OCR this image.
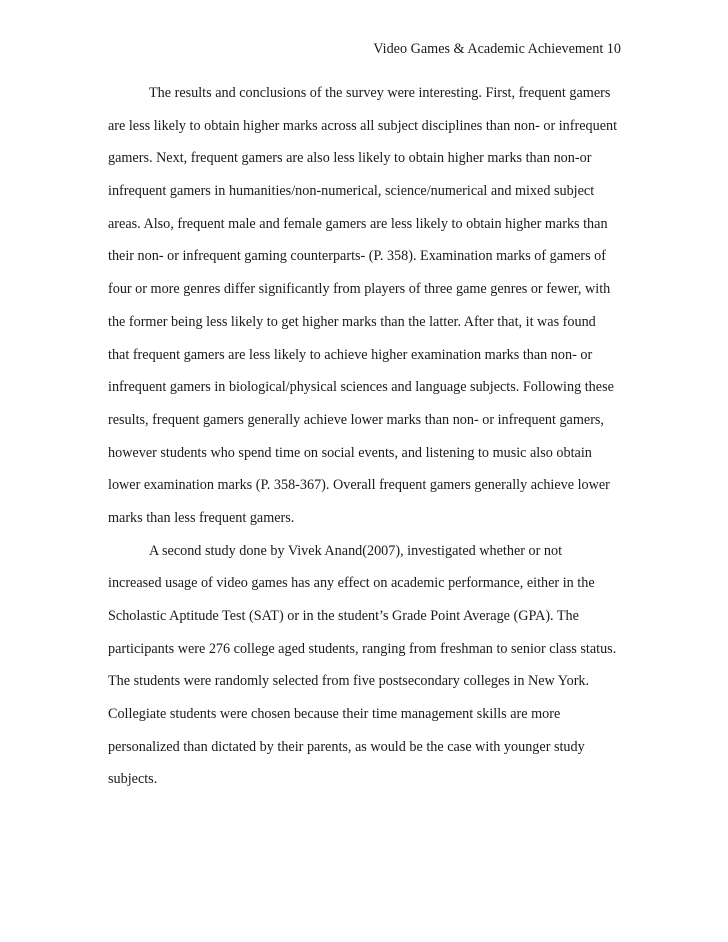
Video Games & Academic Achievement 10
The results and conclusions of the survey were interesting. First, frequent gamers
are less likely to obtain higher marks across all subject disciplines than non- or infrequent
gamers. Next, frequent gamers are also less likely to obtain higher marks than non-or
infrequent gamers in humanities/non-numerical, science/numerical and mixed subject
areas. Also, frequent male and female gamers are less likely to obtain higher marks than
their non- or infrequent gaming counterparts- (P. 358). Examination marks of gamers of
four or more genres differ significantly from players of three game genres or fewer, with
the former being less likely to get higher marks than the latter. After that, it was found
that frequent gamers are less likely to achieve higher examination marks than non- or
infrequent gamers in biological/physical sciences and language subjects. Following these
results, frequent gamers generally achieve lower marks than non- or infrequent gamers,
however students who spend time on social events, and listening to music also obtain
lower examination marks (P. 358-367). Overall frequent gamers generally achieve lower
marks than less frequent gamers.
A second study done by Vivek Anand(2007), investigated whether or not
increased usage of video games has any effect on academic performance, either in the
Scholastic Aptitude Test (SAT) or in the student’s Grade Point Average (GPA). The
participants were 276 college aged students, ranging from freshman to senior class status.
The students were randomly selected from five postsecondary colleges in New York.
Collegiate students were chosen because their time management skills are more
personalized than dictated by their parents, as would be the case with younger study
subjects.
